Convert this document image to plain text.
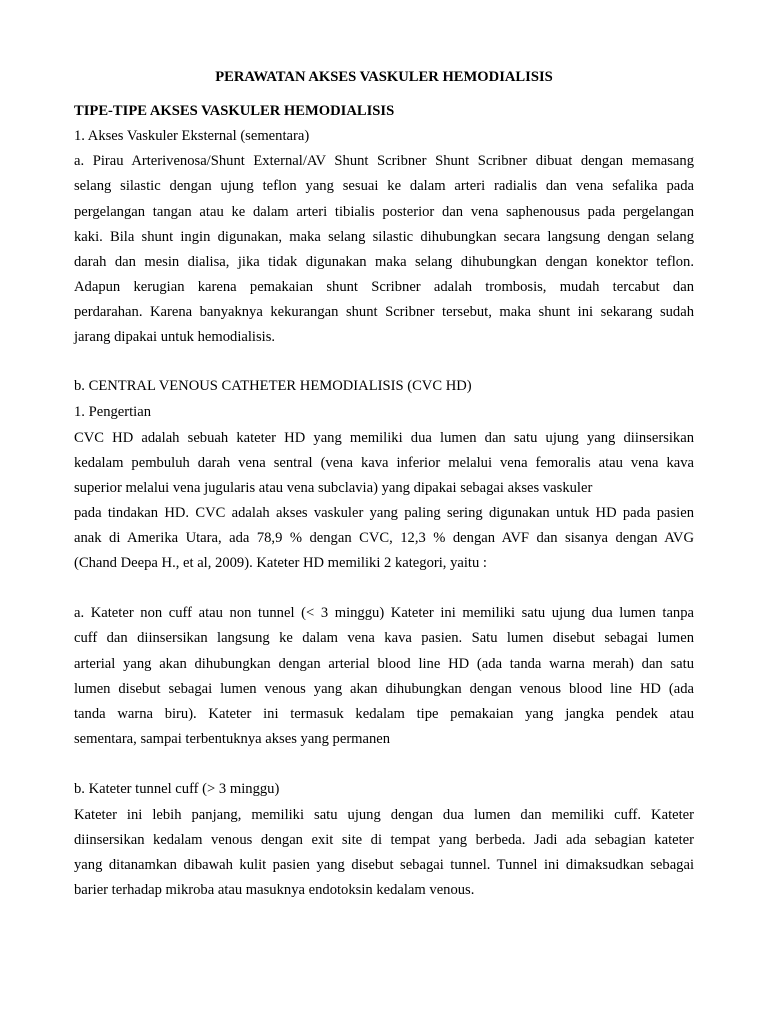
PERAWATAN AKSES VASKULER HEMODIALISIS
TIPE-TIPE AKSES VASKULER HEMODIALISIS
1. Akses Vaskuler Eksternal (sementara)
a. Pirau Arterivenosa/Shunt External/AV Shunt Scribner Shunt Scribner dibuat dengan memasang
selang silastic dengan ujung teflon yang sesuai ke dalam arteri radialis dan vena sefalika pada
pergelangan tangan atau ke dalam arteri tibialis posterior dan vena saphenousus pada pergelangan
kaki. Bila shunt ingin digunakan, maka selang silastic dihubungkan secara langsung dengan selang
darah dan mesin dialisa, jika tidak digunakan maka selang dihubungkan dengan konektor teflon.
Adapun kerugian karena pemakaian shunt Scribner adalah trombosis, mudah tercabut dan
perdarahan. Karena banyaknya kekurangan shunt Scribner tersebut, maka shunt ini sekarang sudah
jarang dipakai untuk hemodialisis.
b. CENTRAL VENOUS CATHETER HEMODIALISIS (CVC HD)
1. Pengertian
CVC HD adalah sebuah kateter HD yang memiliki dua lumen dan satu ujung yang diinsersikan
kedalam pembuluh darah vena sentral (vena kava inferior melalui vena femoralis atau vena kava
superior melalui vena jugularis atau vena subclavia) yang dipakai sebagai akses vaskuler
pada tindakan HD. CVC adalah akses vaskuler yang paling sering digunakan untuk HD pada pasien
anak di Amerika Utara, ada 78,9 % dengan CVC, 12,3 % dengan AVF dan sisanya dengan AVG
(Chand Deepa H., et al, 2009). Kateter HD memiliki 2 kategori, yaitu :
a. Kateter non cuff atau non tunnel (< 3 minggu) Kateter ini memiliki satu ujung dua lumen tanpa
cuff dan diinsersikan langsung ke dalam vena kava pasien. Satu lumen disebut sebagai lumen
arterial yang akan dihubungkan dengan arterial blood line HD (ada tanda warna merah) dan satu
lumen disebut sebagai lumen venous yang akan dihubungkan dengan venous blood line HD (ada
tanda warna biru). Kateter ini termasuk kedalam tipe pemakaian yang jangka pendek atau
sementara, sampai terbentuknya akses yang permanen
b. Kateter tunnel cuff (> 3 minggu)
Kateter ini lebih panjang, memiliki satu ujung dengan dua lumen dan memiliki cuff. Kateter
diinsersikan kedalam venous dengan exit site di tempat yang berbeda. Jadi ada sebagian kateter
yang ditanamkan dibawah kulit pasien yang disebut sebagai tunnel. Tunnel ini dimaksudkan sebagai
barier terhadap mikroba atau masuknya endotoksin kedalam venous.
